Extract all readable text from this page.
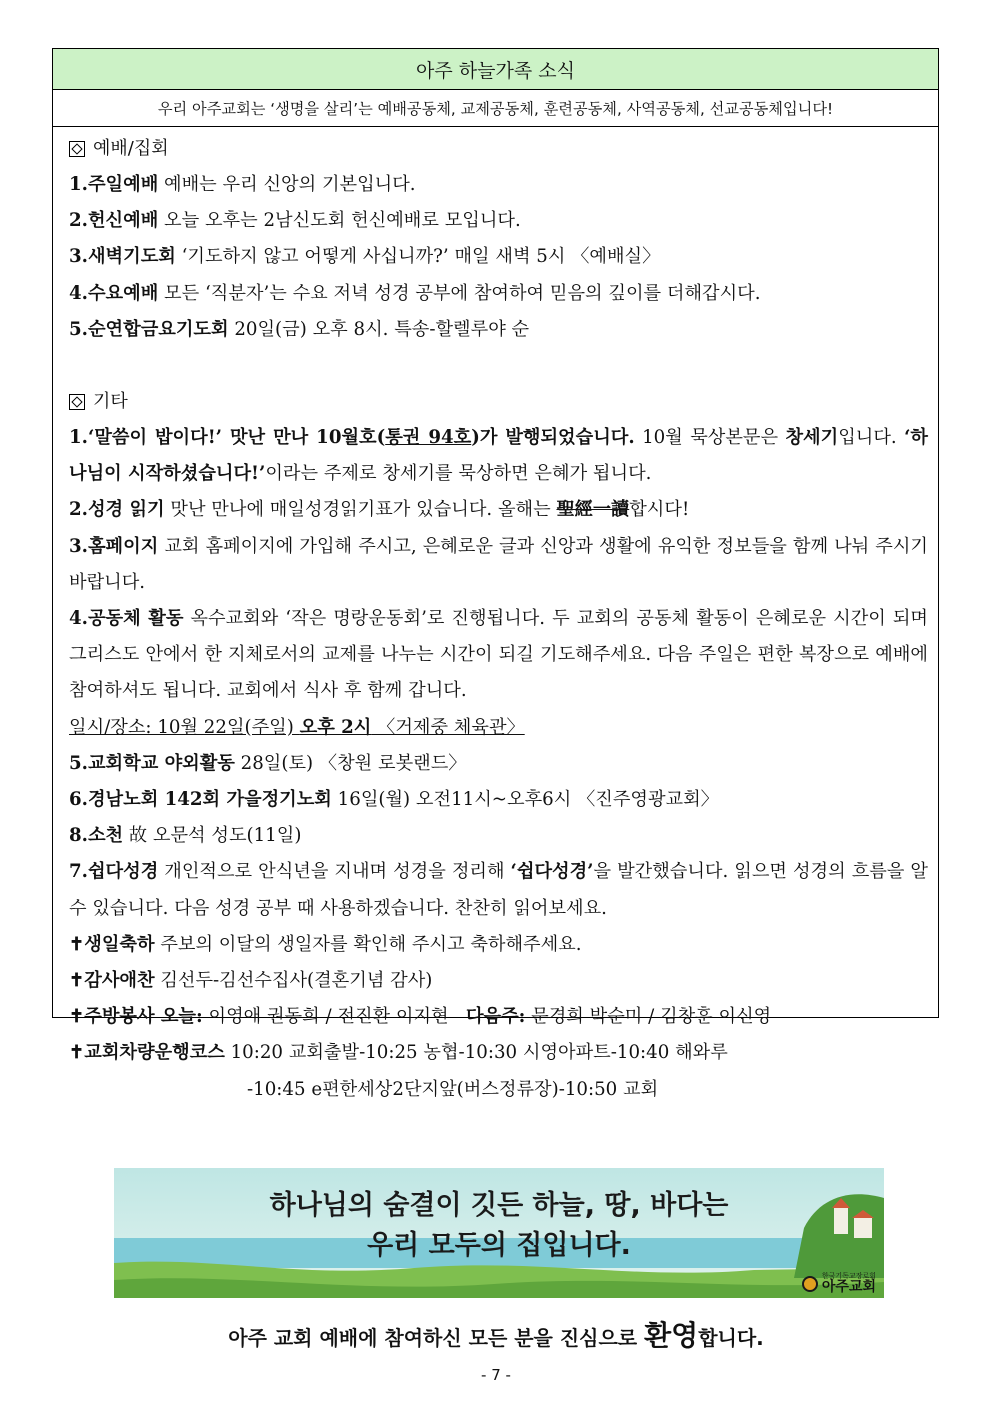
아주 하늘가족 소식
우리 아주교회는 ‘생명을 살리’는 예배공동체, 교제공동체, 훈련공동체, 사역공동체, 선교공동체입니다!
예배/집회
1.주일예배 예배는 우리 신앙의 기본입니다.
2.헌신예배 오늘 오후는 2남신도회 헌신예배로 모입니다.
3.새벽기도회 ‘기도하지 않고 어떻게 사십니까?’ 매일 새벽 5시 〈예배실〉
4.수요예배 모든 ‘직분자’는 수요 저녁 성경 공부에 참여하여 믿음의 깊이를 더해갑시다.
5.순연합금요기도회 20일(금) 오후 8시. 특송-할렐루야 순
기타
1.‘말씀이 밥이다!’ 맛난 만나 10월호(통권 94호)가 발행되었습니다. 10월 묵상본문은 창세기입니다. ‘하나님이 시작하셨습니다!’이라는 주제로 창세기를 묵상하면 은혜가 됩니다.
2.성경 읽기 맛난 만나에 매일성경읽기표가 있습니다. 올해는 聖經一讀합시다!
3.홈페이지 교회 홈페이지에 가입해 주시고, 은혜로운 글과 신앙과 생활에 유익한 정보들을 함께 나눠 주시기 바랍니다.
4.공동체 활동 옥수교회와 ‘작은 명랑운동회’로 진행됩니다. 두 교회의 공동체 활동이 은혜로운 시간이 되며 그리스도 안에서 한 지체로서의 교제를 나누는 시간이 되길 기도해주세요. 다음 주일은 편한 복장으로 예배에 참여하셔도 됩니다. 교회에서 식사 후 함께 갑니다.
일시/장소: 10월 22일(주일) 오후 2시 〈거제중 체육관〉
5.교회학교 야외활동 28일(토) 〈창원 로봇랜드〉
6.경남노회 142회 가을정기노회 16일(월) 오전11시~오후6시 〈진주영광교회〉
8.소천 故 오문석 성도(11일)
7.쉽다성경 개인적으로 안식년을 지내며 성경을 정리해 ‘쉽다성경’을 발간했습니다. 읽으면 성경의 흐름을 알 수 있습니다. 다음 성경 공부 때 사용하겠습니다. 찬찬히 읽어보세요.
✝생일축하 주보의 이달의 생일자를 확인해 주시고 축하해주세요.
✝감사애찬 김선두-김선수집사(결혼기념 감사)
✝주방봉사 오늘: 이영애 권동희 / 전진환 이지현 다음주: 문경희 박순미 / 김창훈 이신영
✝교회차량운행코스 10:20 교회출발-10:25 농협-10:30 시영아파트-10:40 해와루
-10:45 e편한세상2단지앞(버스정류장)-10:50 교회
하나님의 숨결이 깃든 하늘, 땅, 바다는
우리 모두의 집입니다.
한국기독교장로회
아주교회
아주 교회 예배에 참여하신 모든 분을 진심으로 환영합니다.
- 7 -
